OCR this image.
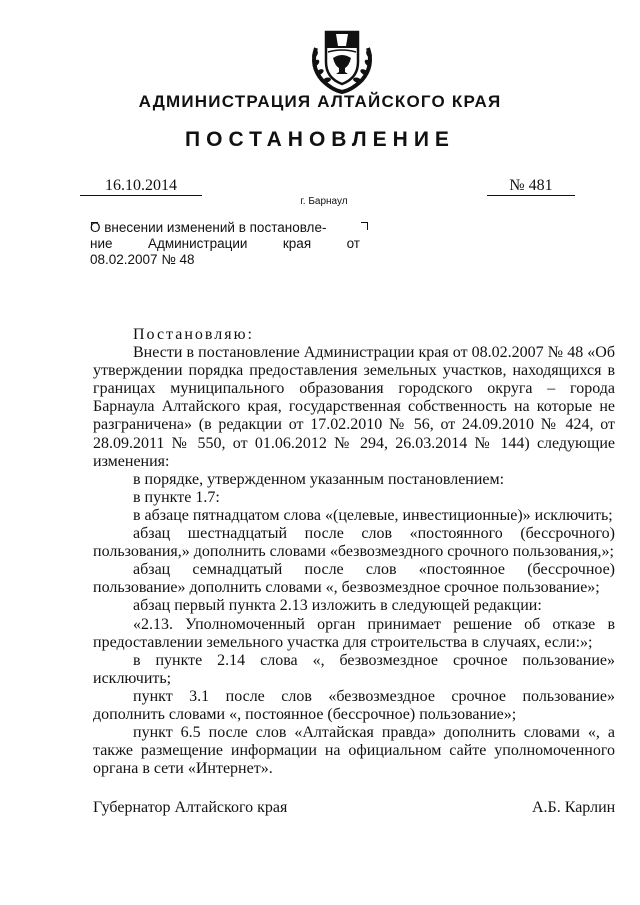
АДМИНИСТРАЦИЯ АЛТАЙСКОГО КРАЯ
ПОСТАНОВЛЕНИЕ
16.10.2014
г. Барнаул
№ 481
О внесении изменений в постановле-
ние	Администрации	края	от
08.02.2007 № 48

Постановляю:

Внести в постановление Администрации края от 08.02.2007 № 48 «Об утверждении порядка предоставления земельных участков, находящихся в границах муниципального образования городского округа – города Барнаула Алтайского края, государственная собственность на которые не разграничена» (в редакции от 17.02.2010 № 56, от 24.09.2010 № 424, от 28.09.2011 № 550, от 01.06.2012 № 294, 26.03.2014 № 144) следующие изменения:

в порядке, утвержденном указанным постановлением:

в пункте 1.7:

в абзаце пятнадцатом слова «(целевые, инвестиционные)» исключить;

абзац шестнадцатый после слов «постоянного (бессрочного) пользования,» дополнить словами «безвозмездного срочного пользования,»;

абзац семнадцатый после слов «постоянное (бессрочное) пользование» дополнить словами «, безвозмездное срочное пользование»;

абзац первый пункта 2.13 изложить в следующей редакции:

«2.13. Уполномоченный орган принимает решение об отказе в предоставлении земельного участка для строительства в случаях, если:»;

в пункте 2.14 слова «, безвозмездное срочное пользование» исключить;

пункт 3.1 после слов «безвозмездное срочное пользование» дополнить словами «, постоянное (бессрочное) пользование»;

пункт 6.5 после слов «Алтайская правда» дополнить словами «, а также размещение информации на официальном сайте уполномоченного органа в сети «Интернет».

Губернатор Алтайского края	А.Б. Карлин
